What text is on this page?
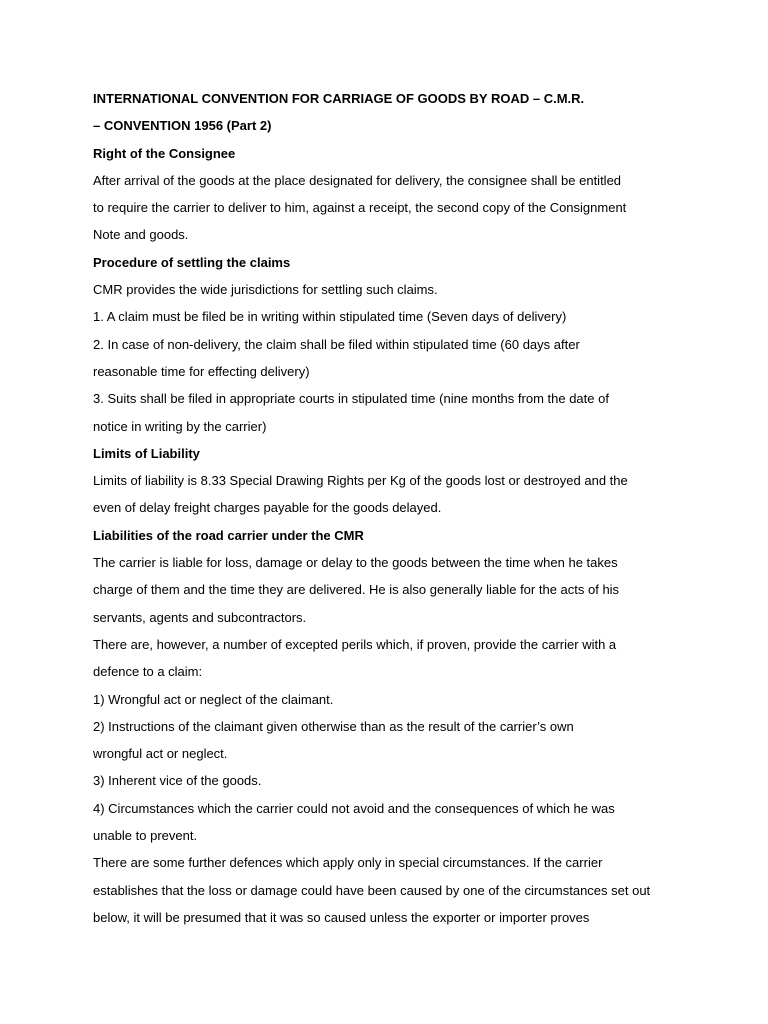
INTERNATIONAL CONVENTION FOR CARRIAGE OF GOODS BY ROAD – C.M.R.
– CONVENTION 1956 (Part 2)
Right of the Consignee
After arrival of the goods at the place designated for delivery, the consignee shall be entitled
to require the carrier to deliver to him, against a receipt, the second copy of the Consignment
Note and goods.
Procedure of settling the claims
CMR provides the wide jurisdictions for settling such claims.
1. A claim must be filed be in writing within stipulated time (Seven days of delivery)
2. In case of non-delivery, the claim shall be filed within stipulated time (60 days after
reasonable time for effecting delivery)
3. Suits shall be filed in appropriate courts in stipulated time (nine months from the date of
notice in writing by the carrier)
Limits of Liability
Limits of liability is 8.33 Special Drawing Rights per Kg of the goods lost or destroyed and the
even of delay freight charges payable for the goods delayed.
Liabilities of the road carrier under the CMR
The carrier is liable for loss, damage or delay to the goods between the time when he takes
charge of them and the time they are delivered. He is also generally liable for the acts of his
servants, agents and subcontractors.
There are, however, a number of excepted perils which, if proven, provide the carrier with a
defence to a claim:
1) Wrongful act or neglect of the claimant.
2) Instructions of the claimant given otherwise than as the result of the carrier’s own
wrongful act or neglect.
3) Inherent vice of the goods.
4) Circumstances which the carrier could not avoid and the consequences of which he was
unable to prevent.
There are some further defences which apply only in special circumstances. If the carrier
establishes that the loss or damage could have been caused by one of the circumstances set out
below, it will be presumed that it was so caused unless the exporter or importer proves
